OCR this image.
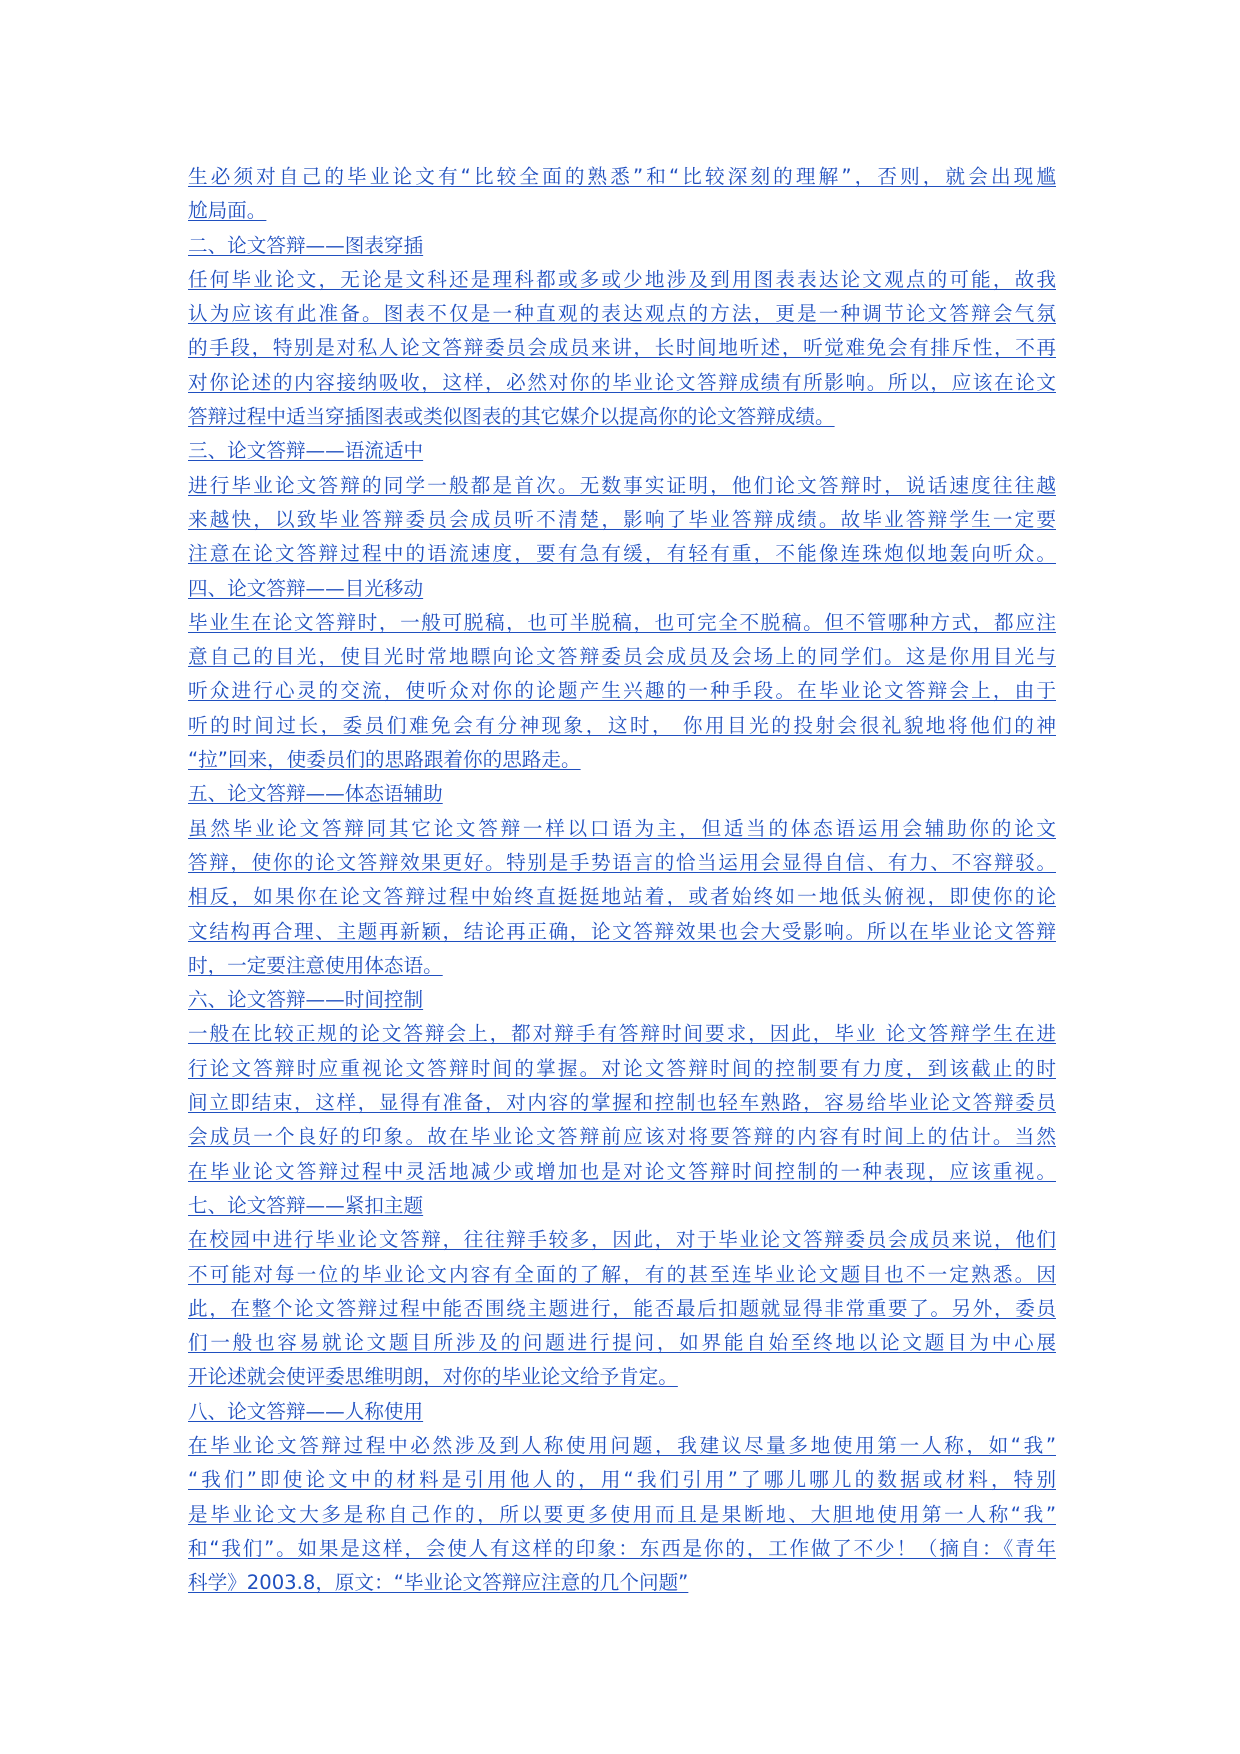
生必须对自己的毕业论文有“比较全面的熟悉”和“比较深刻的理解”，否则，就会出现尴
尬局面。
二、论文答辩——图表穿插
任何毕业论文，无论是文科还是理科都或多或少地涉及到用图表表达论文观点的可能，故我
认为应该有此准备。图表不仅是一种直观的表达观点的方法，更是一种调节论文答辩会气氛
的手段，特别是对私人论文答辩委员会成员来讲，长时间地听述，听觉难免会有排斥性，不再
对你论述的内容接纳吸收，这样，必然对你的毕业论文答辩成绩有所影响。所以，应该在论文
答辩过程中适当穿插图表或类似图表的其它媒介以提高你的论文答辩成绩。
三、论文答辩——语流适中
进行毕业论文答辩的同学一般都是首次。无数事实证明，他们论文答辩时，说话速度往往越
来越快，以致毕业答辩委员会成员听不清楚，影响了毕业答辩成绩。故毕业答辩学生一定要
注意在论文答辩过程中的语流速度，要有急有缓，有轻有重，不能像连珠炮似地轰向听众。
四、论文答辩——目光移动
毕业生在论文答辩时，一般可脱稿，也可半脱稿，也可完全不脱稿。但不管哪种方式，都应注
意自己的目光，使目光时常地瞟向论文答辩委员会成员及会场上的同学们。这是你用目光与
听众进行心灵的交流，使听众对你的论题产生兴趣的一种手段。在毕业论文答辩会上，由于
听的时间过长，委员们难免会有分神现象，这时， 你用目光的投射会很礼貌地将他们的神
“拉”回来，使委员们的思路跟着你的思路走。
五、论文答辩——体态语辅助
虽然毕业论文答辩同其它论文答辩一样以口语为主，但适当的体态语运用会辅助你的论文
答辩，使你的论文答辩效果更好。特别是手势语言的恰当运用会显得自信、有力、不容辩驳。
相反，如果你在论文答辩过程中始终直挺挺地站着，或者始终如一地低头俯视，即使你的论
文结构再合理、主题再新颖，结论再正确，论文答辩效果也会大受影响。所以在毕业论文答辩
时，一定要注意使用体态语。
六、论文答辩——时间控制
一般在比较正规的论文答辩会上，都对辩手有答辩时间要求，因此，毕业 论文答辩学生在进
行论文答辩时应重视论文答辩时间的掌握。对论文答辩时间的控制要有力度，到该截止的时
间立即结束，这样，显得有准备，对内容的掌握和控制也轻车熟路，容易给毕业论文答辩委员
会成员一个良好的印象。故在毕业论文答辩前应该对将要答辩的内容有时间上的估计。当然
在毕业论文答辩过程中灵活地减少或增加也是对论文答辩时间控制的一种表现，应该重视。
七、论文答辩——紧扣主题
在校园中进行毕业论文答辩，往往辩手较多，因此，对于毕业论文答辩委员会成员来说，他们
不可能对每一位的毕业论文内容有全面的了解，有的甚至连毕业论文题目也不一定熟悉。因
此，在整个论文答辩过程中能否围绕主题进行，能否最后扣题就显得非常重要了。另外，委员
们一般也容易就论文题目所涉及的问题进行提问，如界能自始至终地以论文题目为中心展
开论述就会使评委思维明朗，对你的毕业论文给予肯定。
八、论文答辩——人称使用
在毕业论文答辩过程中必然涉及到人称使用问题，我建议尽量多地使用第一人称，如“我”
“我们”即使论文中的材料是引用他人的，用“我们引用”了哪儿哪儿的数据或材料，特别
是毕业论文大多是称自己作的，所以要更多使用而且是果断地、大胆地使用第一人称“我”
和“我们”。如果是这样，会使人有这样的印象：东西是你的，工作做了不少！（摘自：《青年
科学》2003.8，原文：“毕业论文答辩应注意的几个问题”
